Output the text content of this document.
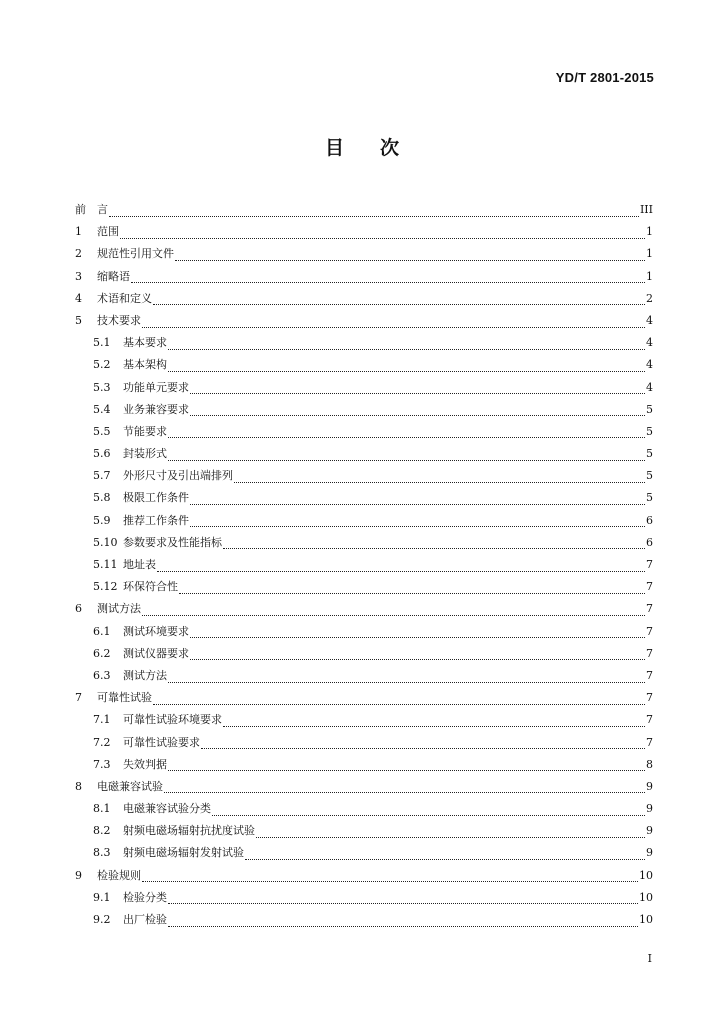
YD/T 2801-2015
目 次
前	言	III
1	范围	1
2	规范性引用文件	1
3	缩略语	1
4	术语和定义	2
5	技术要求	4
5.1	基本要求	4
5.2	基本架构	4
5.3	功能单元要求	4
5.4	业务兼容要求	5
5.5	节能要求	5
5.6	封装形式	5
5.7	外形尺寸及引出端排列	5
5.8	极限工作条件	5
5.9	推荐工作条件	6
5.10 参数要求及性能指标	6
5.11 地址表	7
5.12 环保符合性	7
6	测试方法	7
6.1	测试环境要求	7
6.2	测试仪器要求	7
6.3	测试方法	7
7	可靠性试验	7
7.1	可靠性试验环境要求	7
7.2	可靠性试验要求	7
7.3	失效判据	8
8	电磁兼容试验	9
8.1	电磁兼容试验分类	9
8.2	射频电磁场辐射抗扰度试验	9
8.3	射频电磁场辐射发射试验	9
9	检验规则	10
9.1	检验分类	10
9.2	出厂检验	10
I
